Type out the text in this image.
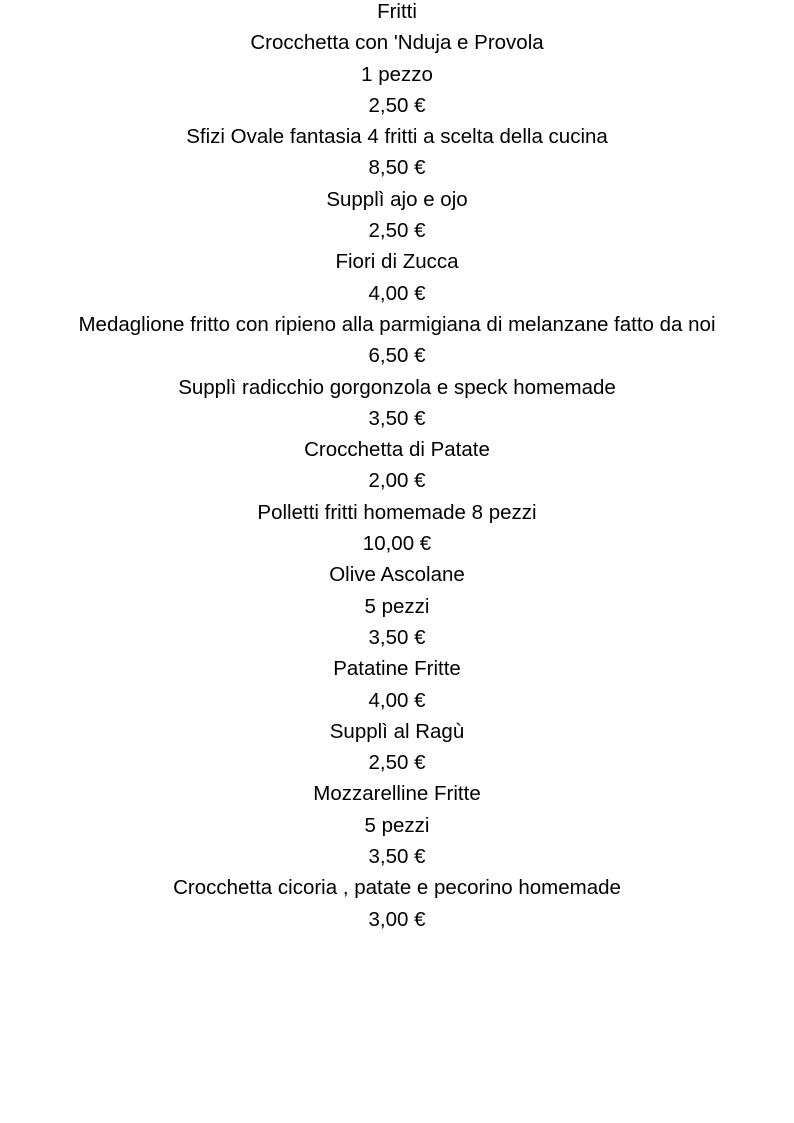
Fritti
Crocchetta con 'Nduja e Provola
1 pezzo
2,50 €
Sfizi Ovale fantasia 4 fritti a scelta della cucina
8,50 €
Supplì ajo e ojo
2,50 €
Fiori di Zucca
4,00 €
Medaglione fritto con ripieno alla parmigiana di melanzane fatto da noi
6,50 €
Supplì radicchio gorgonzola e speck homemade
3,50 €
Crocchetta di Patate
2,00 €
Polletti fritti homemade 8 pezzi
10,00 €
Olive Ascolane
5 pezzi
3,50 €
Patatine Fritte
4,00 €
Supplì al Ragù
2,50 €
Mozzarelline Fritte
5 pezzi
3,50 €
Crocchetta cicoria , patate e pecorino homemade
3,00 €
